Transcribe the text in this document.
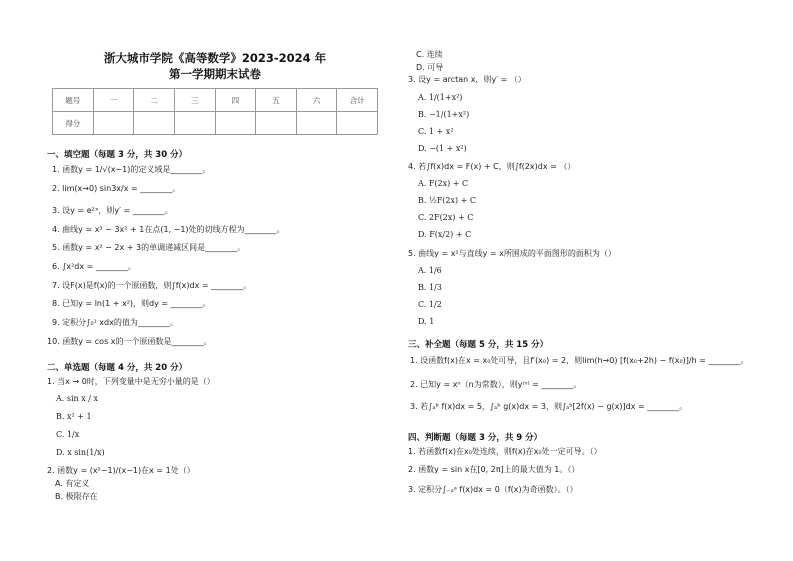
浙大城市学院《高等数学》2023-2024 年
第一学期期末试卷
题号	一	二	三	四	五	六	合计
得分							
一、填空题（每题 3 分，共 30 分）
1. 函数y = 1/√(x−1)的定义域是________。
2. lim(x→0) sin3x/x = ________。
3. 设y = e²ˣ，则y′ = ________。
4. 曲线y = x³ − 3x² + 1在点(1, −1)处的切线方程为________。
5. 函数y = x² − 2x + 3的单调递减区间是________。
6. ∫x²dx = ________。
7. 设F(x)是f(x)的一个原函数，则∫f(x)dx = ________。
8. 已知y = ln(1 + x²)，则dy = ________。
9. 定积分∫₀¹ xdx的值为________。
10. 函数y = cos x的一个原函数是________。
二、单选题（每题 4 分，共 20 分）
1. 当x → 0时，下列变量中是无穷小量的是（）
A. sin x / x
B. x² + 1
C. 1/x
D. x sin(1/x)
2. 函数y = (x²−1)/(x−1)在x = 1处（）
A. 有定义
B. 极限存在
C. 连续
D. 可导
3. 设y = arctan x，则y′ = （）
A. 1/(1+x²)
B. −1/(1+x²)
C. 1 + x²
D. −(1 + x²)
4. 若∫f(x)dx = F(x) + C，则∫f(2x)dx = （）
A. F(2x) + C
B. ½F(2x) + C
C. 2F(2x) + C
D. F(x/2) + C
5. 曲线y = x²与直线y = x所围成的平面图形的面积为（）
A. 1/6
B. 1/3
C. 1/2
D. 1
三、补全题（每题 5 分，共 15 分）
1. 设函数f(x)在x = x₀处可导，且f′(x₀) = 2，则lim(h→0) [f(x₀+2h) − f(x₀)]/h = ________。
2. 已知y = xⁿ（n为常数），则y⁽ⁿ⁾ = ________。
3. 若∫ₐᵇ f(x)dx = 5，∫ₐᵇ g(x)dx = 3，则∫ₐᵇ[2f(x) − g(x)]dx = ________。
四、判断题（每题 3 分，共 9 分）
1. 若函数f(x)在x₀处连续，则f(x)在x₀处一定可导。（）
2. 函数y = sin x在[0, 2π]上的最大值为 1。（）
3. 定积分∫₋ₐᵃ f(x)dx = 0（f(x)为奇函数）。（）
